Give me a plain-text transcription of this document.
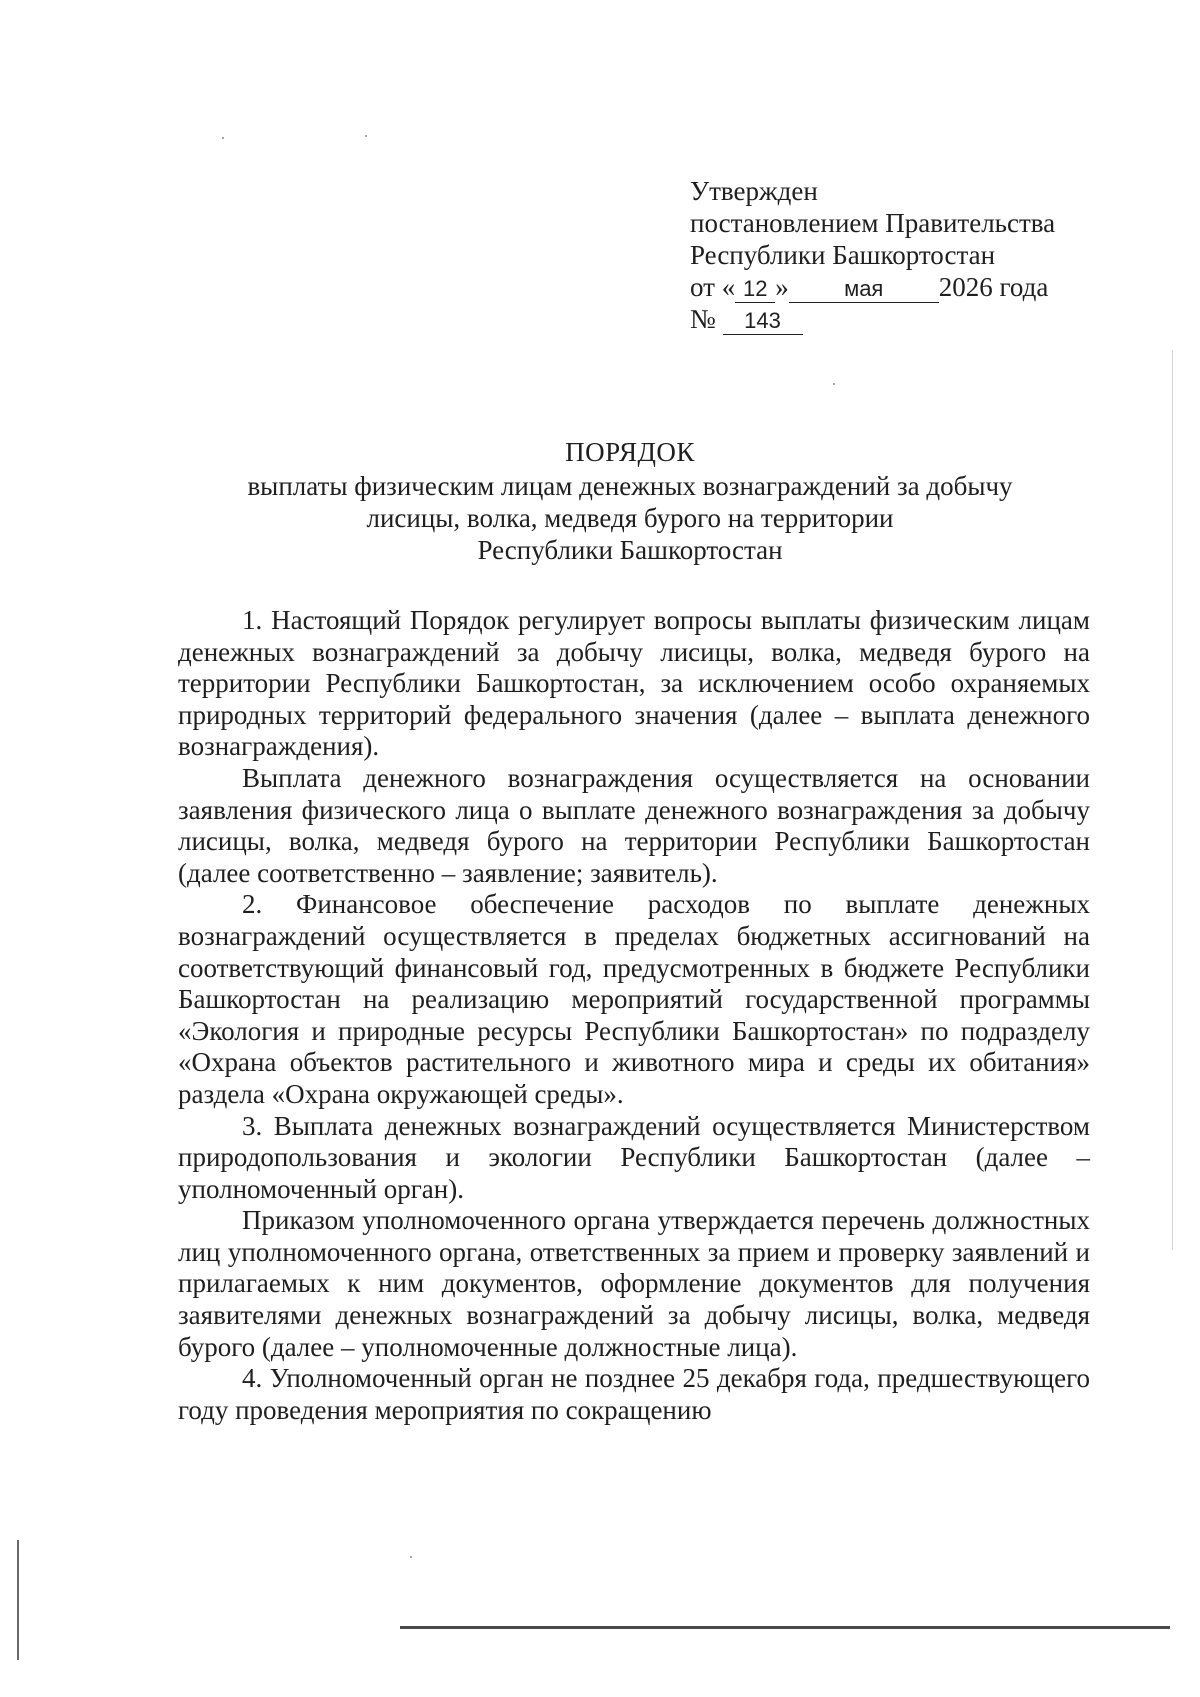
Утвержден
постановлением Правительства
Республики Башкортостан
от « 12 »	мая 2026 года
№ 143
ПОРЯДОК
выплаты физическим лицам денежных вознаграждений за добычу
лисицы, волка, медведя бурого на территории
Республики Башкортостан

1. Настоящий Порядок регулирует вопросы выплаты физическим лицам денежных вознаграждений за добычу лисицы, волка, медведя бурого на территории Республики Башкортостан, за исключением особо охраняемых природных территорий федерального значения (далее – выплата денежного вознаграждения).

Выплата денежного вознаграждения осуществляется на основании заявления физического лица о выплате денежного вознаграждения за добычу лисицы, волка, медведя бурого на территории Республики Башкортостан (далее соответственно – заявление; заявитель).

2. Финансовое обеспечение расходов по выплате денежных вознаграждений осуществляется в пределах бюджетных ассигнований на соответствующий финансовый год, предусмотренных в бюджете Республики Башкортостан на реализацию мероприятий государственной программы «Экология и природные ресурсы Республики Башкортостан» по подразделу «Охрана объектов растительного и животного мира и среды их обитания» раздела «Охрана окружающей среды».

3. Выплата денежных вознаграждений осуществляется Министерством природопользования и экологии Республики Башкортостан (далее – уполномоченный орган).

Приказом уполномоченного органа утверждается перечень должностных лиц уполномоченного органа, ответственных за прием и проверку заявлений и прилагаемых к ним документов, оформление документов для получения заявителями денежных вознаграждений за добычу лисицы, волка, медведя бурого (далее – уполномоченные должностные лица).

4. Уполномоченный орган не позднее 25 декабря года, предшествующего году проведения мероприятия по сокращению
